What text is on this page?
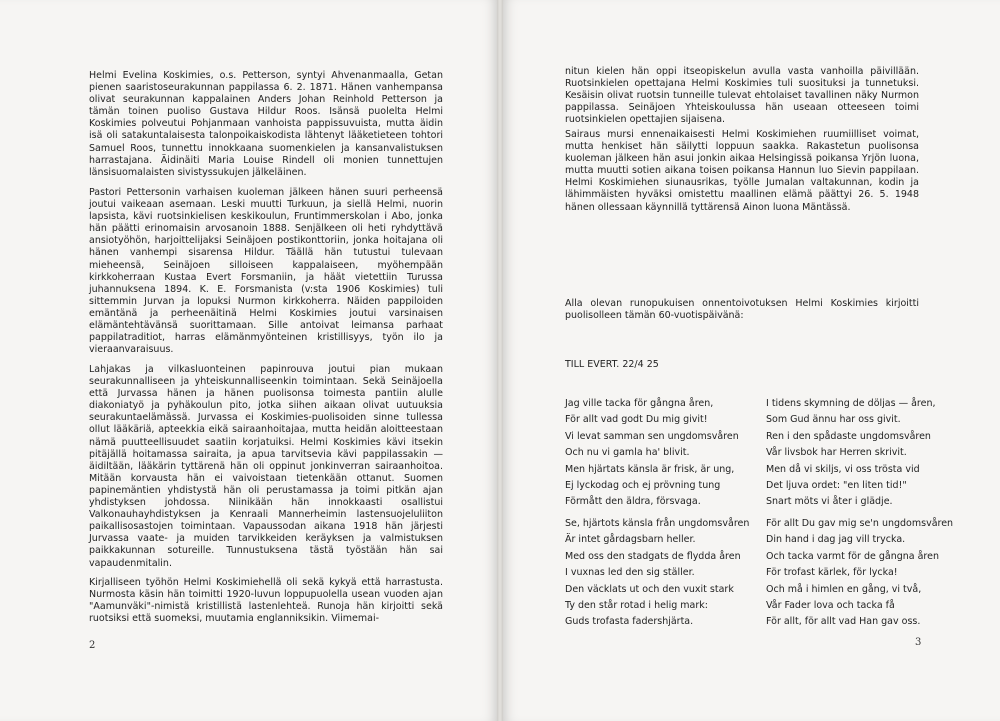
Helmi Evelina Koskimies, o.s. Petterson, syntyi Ahvenanmaalla, Getan pienen saaristoseurakunnan pappilassa 6. 2. 1871. Hänen vanhempansa olivat seurakunnan kappalainen Anders Johan Reinhold Petterson ja tämän toinen puoliso Gustava Hildur Roos. Isänsä puolelta Helmi Koskimies polveutui Pohjanmaan vanhoista pappissuvuista, mutta äidin isä oli satakuntalaisesta talonpoikaiskodista lähtenyt lääketieteen tohtori Samuel Roos, tunnettu innokkaana suomenkielen ja kansanvalistuksen harrastajana. Äidinäiti Maria Louise Rindell oli monien tunnettujen länsisuomalaisten sivistyssukujen jälkeläinen.

Pastori Pettersonin varhaisen kuoleman jälkeen hänen suuri perheensä joutui vaikeaan asemaan. Leski muutti Turkuun, ja siellä Helmi, nuorin lapsista, kävi ruotsinkielisen keskikoulun, Fruntimmerskolan i Abo, jonka hän päätti erinomaisin arvosanoin 1888. Senjälkeen oli heti ryhdyttävä ansiotyöhön, harjoittelijaksi Seinäjoen postikonttoriin, jonka hoitajana oli hänen vanhempi sisarensa Hildur. Täällä hän tutustui tulevaan mieheensä, Seinäjoen silloiseen kappalaiseen, myöhempään kirkkoherraan Kustaa Evert Forsmaniin, ja häät vietettiin Turussa juhannuksena 1894. K. E. Forsmanista (v:sta 1906 Koskimies) tuli sittemmin Jurvan ja lopuksi Nurmon kirkkoherra. Näiden pappiloiden emäntänä ja perheenäitinä Helmi Koskimies joutui varsinaisen elämäntehtävänsä suorittamaan. Sille antoivat leimansa parhaat pappilatraditiot, harras elämänmyönteinen kristillisyys, työn ilo ja vieraanvaraisuus.

Lahjakas ja vilkasluonteinen papinrouva joutui pian mukaan seurakunnalliseen ja yhteiskunnalliseenkin toimintaan. Sekä Seinäjoella että Jurvassa hänen ja hänen puolisonsa toimesta pantiin alulle diakoniatyö ja pyhäkoulun pito, jotka siihen aikaan olivat uutuuksia seurakuntaelämässä. Jurvassa ei Koskimies-puolisoiden sinne tullessa ollut lääkäriä, apteekkia eikä sairaanhoitajaa, mutta heidän aloitteestaan nämä puutteellisuudet saatiin korjatuiksi. Helmi Koskimies kävi itsekin pitäjällä hoitamassa sairaita, ja apua tarvitsevia kävi pappilassakin — äidiltään, lääkärin tyttärenä hän oli oppinut jonkinverran sairaanhoitoa. Mitään korvausta hän ei vaivoistaan tietenkään ottanut. Suomen papinemäntien yhdistystä hän oli perustamassa ja toimi pitkän ajan yhdistyksen johdossa. Niinikään hän innokkaasti osallistui Valkonauhayhdistyksen ja Kenraali Mannerheimin lastensuojeluliiton paikallisosastojen toimintaan. Vapaussodan aikana 1918 hän järjesti Jurvassa vaate- ja muiden tarvikkeiden keräyksen ja valmistuksen paikkakunnan sotureille. Tunnustuksena tästä työstään hän sai vapaudenmitalin.

Kirjalliseen työhön Helmi Koskimiehellä oli sekä kykyä että harrastusta. Nurmosta käsin hän toimitti 1920-luvun loppupuolella usean vuoden ajan "Aamunväki"-nimistä kristillistä lastenlehteä. Runoja hän kirjoitti sekä ruotsiksi että suomeksi, muutamia englanniksikin. Viimemai-

2

nitun kielen hän oppi itseopiskelun avulla vasta vanhoilla päivillään. Ruotsinkielen opettajana Helmi Koskimies tuli suosituksi ja tunnetuksi. Kesäisin olivat ruotsin tunneille tulevat ehtolaiset tavallinen näky Nurmon pappilassa. Seinäjoen Yhteiskoulussa hän useaan otteeseen toimi ruotsinkielen opettajien sijaisena.

Sairaus mursi ennenaikaisesti Helmi Koskimiehen ruumiilliset voimat, mutta henkiset hän säilytti loppuun saakka. Rakastetun puolisonsa kuoleman jälkeen hän asui jonkin aikaa Helsingissä poikansa Yrjön luona, mutta muutti sotien aikana toisen poikansa Hannun luo Sievin pappilaan. Helmi Koskimiehen siunausrikas, työlle Jumalan valtakunnan, kodin ja lähimmäisten hyväksi omistettu maallinen elämä päättyi 26. 5. 1948 hänen ollessaan käynnillä tyttärensä Ainon luona Mäntässä.

Alla olevan runopukuisen onnentoivotuksen Helmi Koskimies kirjoitti puolisolleen tämän 60-vuotispäivänä:

TILL EVERT. 22/4 25
Jag ville tacka för gångna åren,
För allt vad godt Du mig givit!
Vi levat samman sen ungdomsvåren
Och nu vi gamla ha' blivit.
Men hjärtats känsla är frisk, är ung,
Ej lyckodag och ej prövning tung
Förmått den äldra, försvaga.
I tidens skymning de döljas — åren,
Som Gud ännu har oss givit.
Ren i den spådaste ungdomsvåren
Vår livsbok har Herren skrivit.
Men då vi skiljs, vi oss trösta vid
Det ljuva ordet: "en liten tid!"
Snart möts vi åter i glädje.
Se, hjärtots känsla från ungdomsvåren
Är intet gårdagsbarn heller.
Med oss den stadgats de flydda åren
I vuxnas led den sig ställer.
Den väcklats ut och den vuxit stark
Ty den står rotad i helig mark:
Guds trofasta fadershjärta.
För allt Du gav mig se'n ungdomsvåren
Din hand i dag jag vill trycka.
Och tacka varmt för de gångna åren
För trofast kärlek, för lycka!
Och må i himlen en gång, vi två,
Vår Fader lova och tacka få
För allt, för allt vad Han gav oss.
3
